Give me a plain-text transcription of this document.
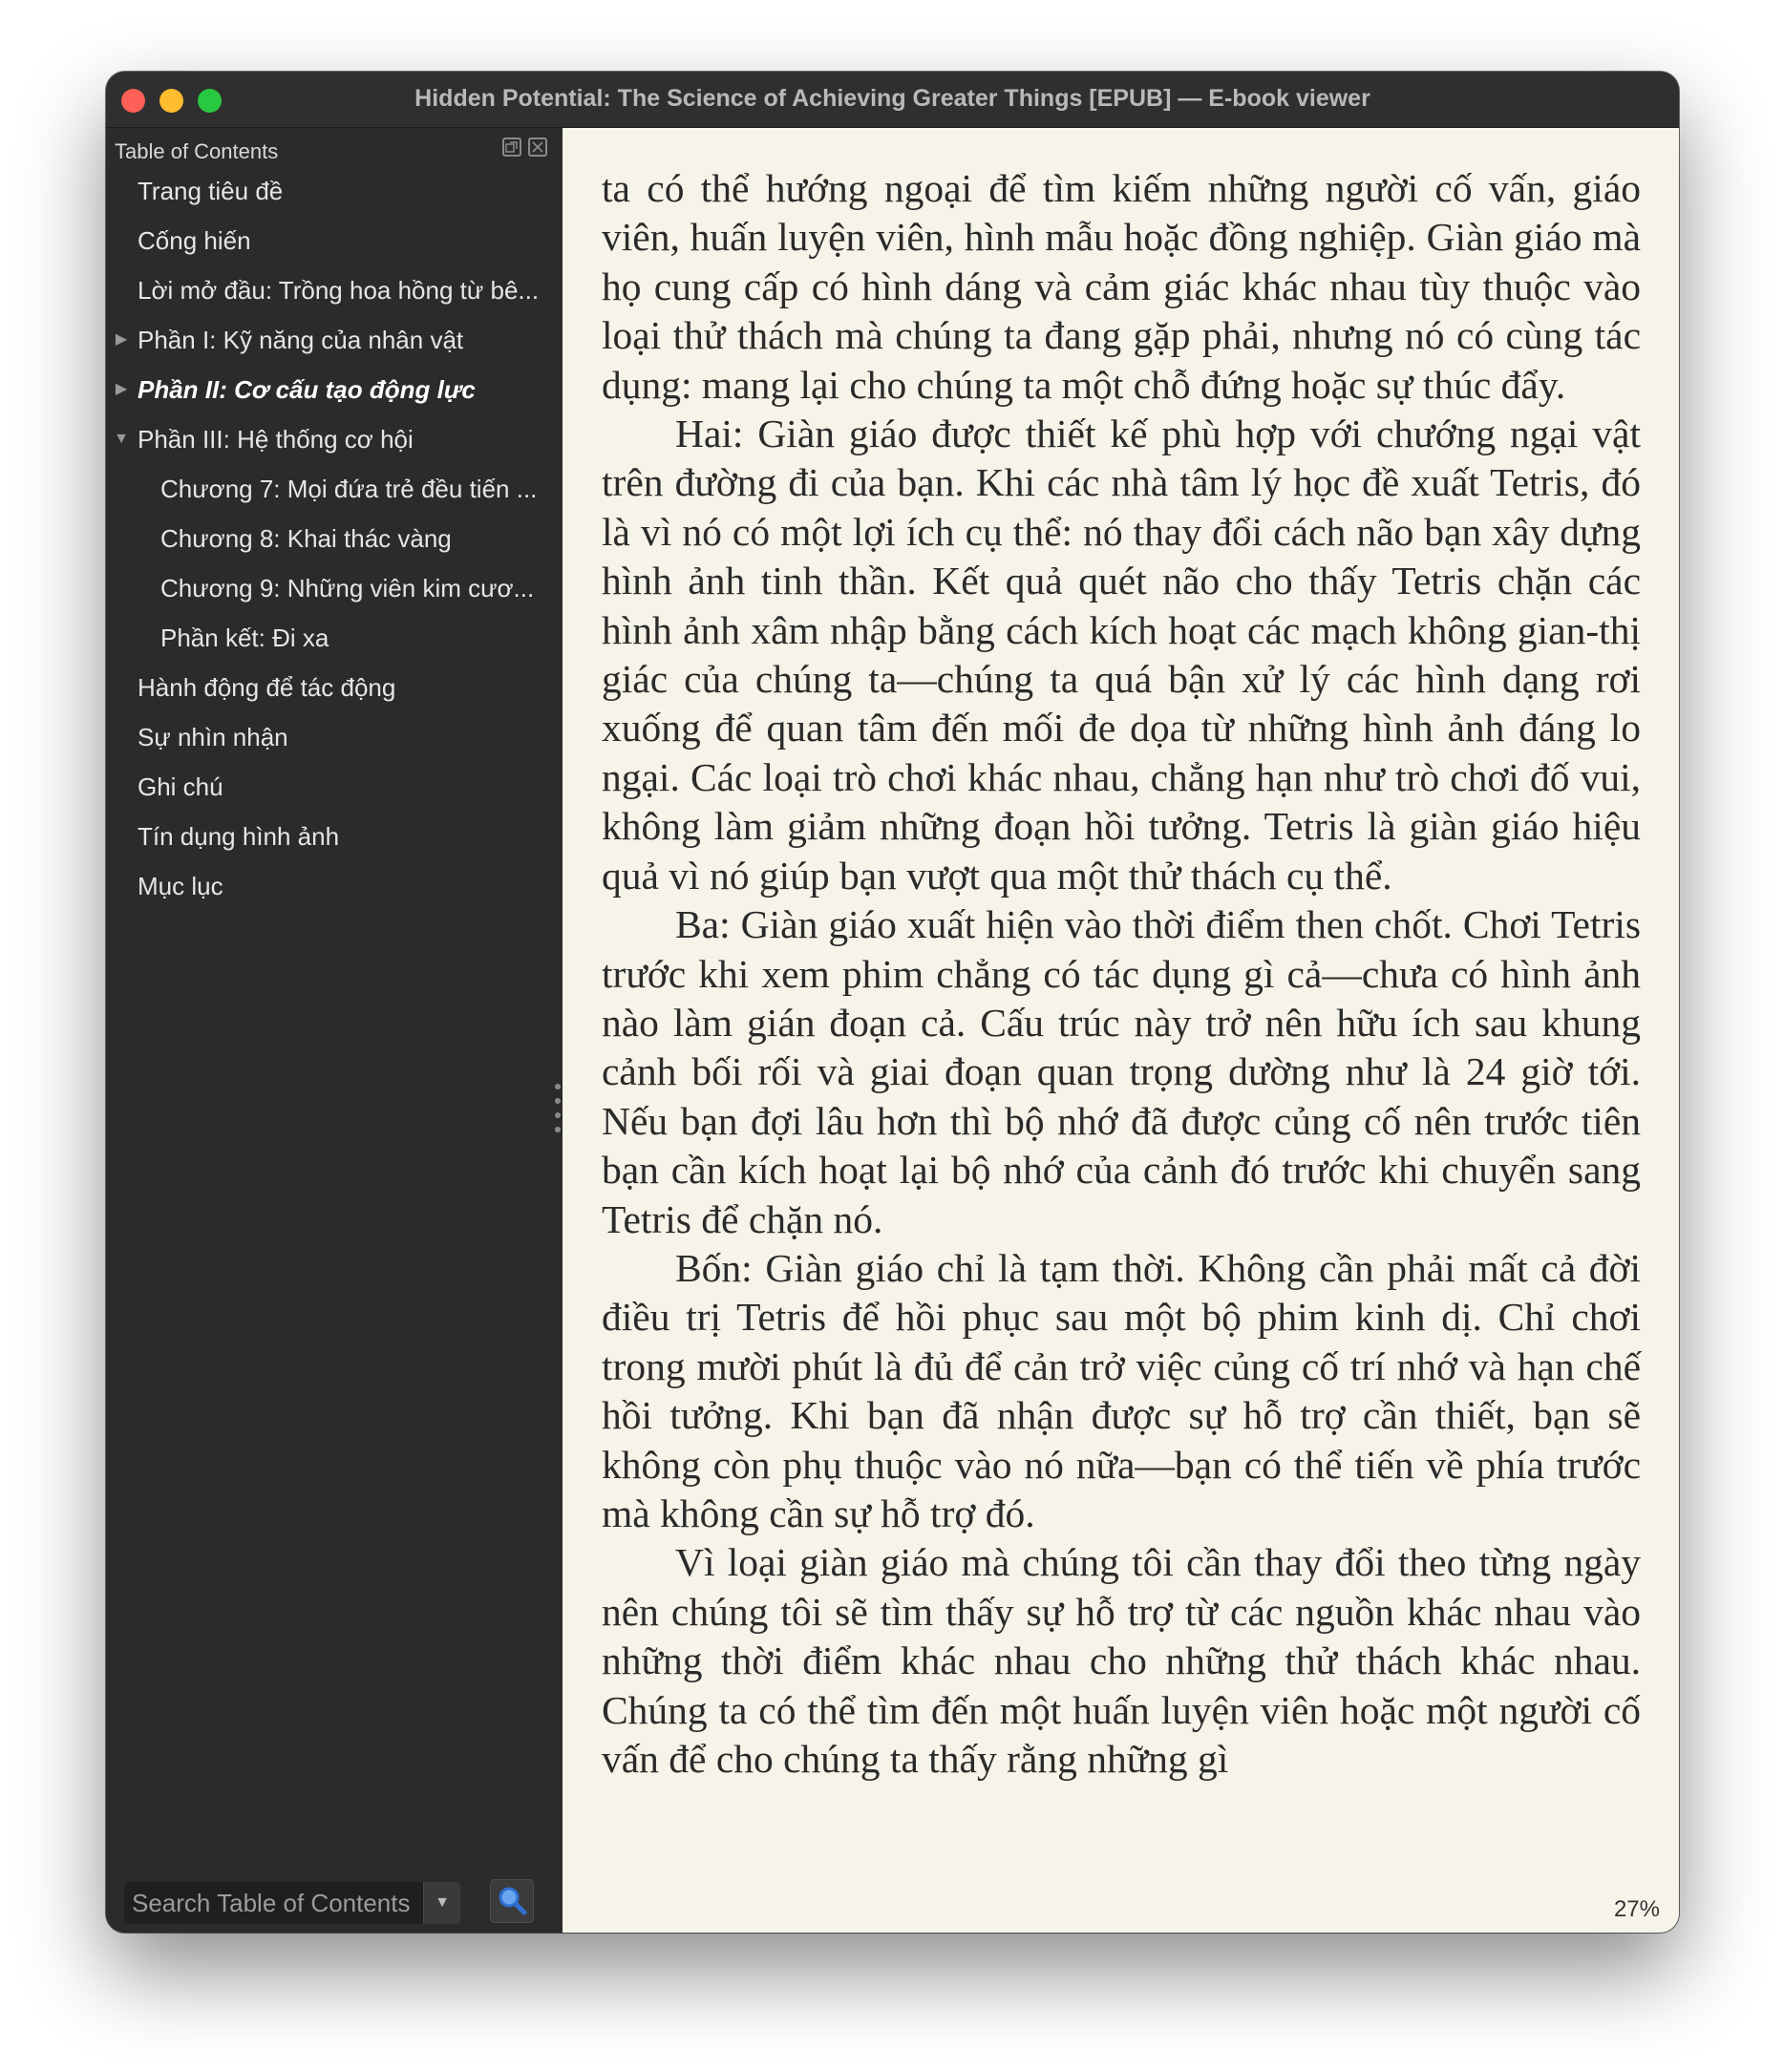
Hidden Potential: The Science of Achieving Greater Things [EPUB] — E-book viewer
Table of Contents
Trang tiêu đề
Cống hiến
Lời mở đầu: Trồng hoa hồng từ bê...
▶ Phần I: Kỹ năng của nhân vật
▶ Phần II: Cơ cấu tạo động lực
▼ Phần III: Hệ thống cơ hội
Chương 7: Mọi đứa trẻ đều tiến ...
Chương 8: Khai thác vàng
Chương 9: Những viên kim cươ...
Phần kết: Đi xa
Hành động để tác động
Sự nhìn nhận
Ghi chú
Tín dụng hình ảnh
Mục lục
Search Table of Contents
▼

ta có thể hướng ngoại để tìm kiếm những người cố vấn, giáo viên, huấn luyện viên, hình mẫu hoặc đồng nghiệp. Giàn giáo mà họ cung cấp có hình dáng và cảm giác khác nhau tùy thuộc vào loại thử thách mà chúng ta đang gặp phải, nhưng nó có cùng tác dụng: mang lại cho chúng ta một chỗ đứng hoặc sự thúc đẩy.

Hai: Giàn giáo được thiết kế phù hợp với chướng ngại vật trên đường đi của bạn. Khi các nhà tâm lý học đề xuất Tetris, đó là vì nó có một lợi ích cụ thể: nó thay đổi cách não bạn xây dựng hình ảnh tinh thần. Kết quả quét não cho thấy Tetris chặn các hình ảnh xâm nhập bằng cách kích hoạt các mạch không gian-thị giác của chúng ta—chúng ta quá bận xử lý các hình dạng rơi xuống để quan tâm đến mối đe dọa từ những hình ảnh đáng lo ngại. Các loại trò chơi khác nhau, chẳng hạn như trò chơi đố vui, không làm giảm những đoạn hồi tưởng. Tetris là giàn giáo hiệu quả vì nó giúp bạn vượt qua một thử thách cụ thể.

Ba: Giàn giáo xuất hiện vào thời điểm then chốt. Chơi Tetris trước khi xem phim chẳng có tác dụng gì cả—chưa có hình ảnh nào làm gián đoạn cả. Cấu trúc này trở nên hữu ích sau khung cảnh bối rối và giai đoạn quan trọng dường như là 24 giờ tới. Nếu bạn đợi lâu hơn thì bộ nhớ đã được củng cố nên trước tiên bạn cần kích hoạt lại bộ nhớ của cảnh đó trước khi chuyển sang Tetris để chặn nó.

Bốn: Giàn giáo chỉ là tạm thời. Không cần phải mất cả đời điều trị Tetris để hồi phục sau một bộ phim kinh dị. Chỉ chơi trong mười phút là đủ để cản trở việc củng cố trí nhớ và hạn chế hồi tưởng. Khi bạn đã nhận được sự hỗ trợ cần thiết, bạn sẽ không còn phụ thuộc vào nó nữa—bạn có thể tiến về phía trước mà không cần sự hỗ trợ đó.

Vì loại giàn giáo mà chúng tôi cần thay đổi theo từng ngày nên chúng tôi sẽ tìm thấy sự hỗ trợ từ các nguồn khác nhau vào những thời điểm khác nhau cho những thử thách khác nhau. Chúng ta có thể tìm đến một huấn luyện viên hoặc một người cố vấn để cho chúng ta thấy rằng những gì

27%
